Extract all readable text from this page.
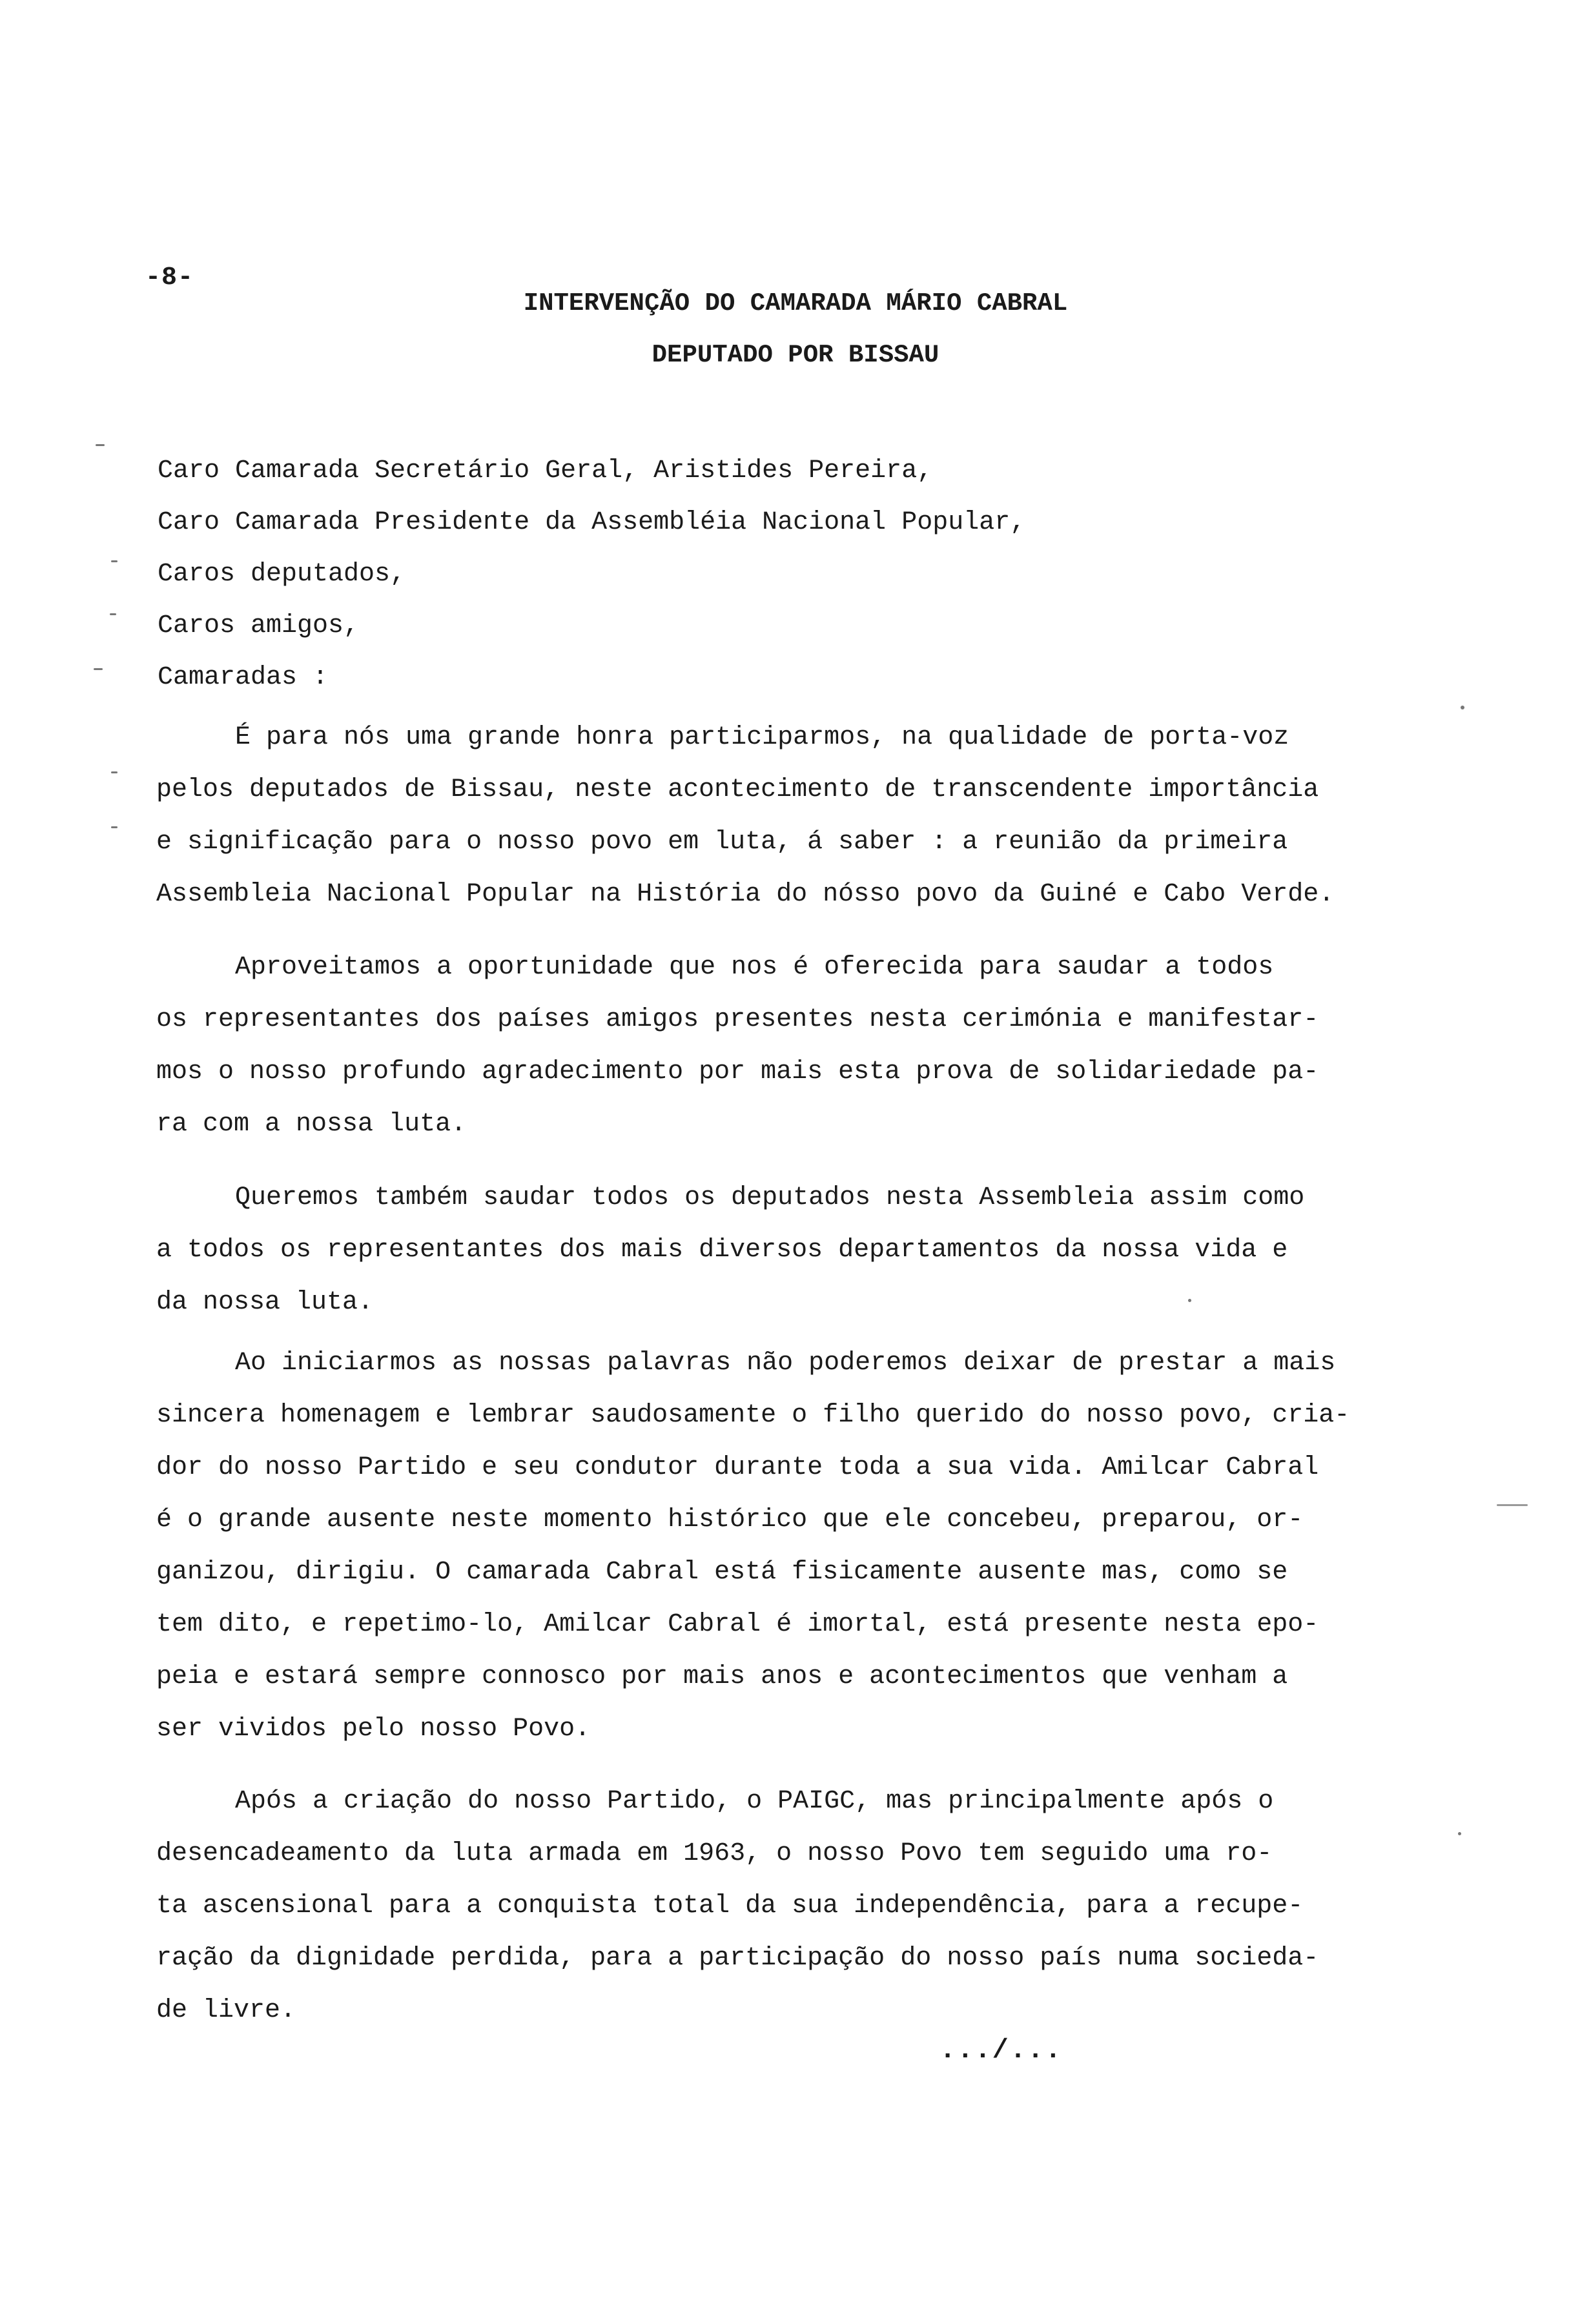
-8-
INTERVENÇÃO DO CAMARADA MÁRIO CABRAL
DEPUTADO POR BISSAU
Caro Camarada Secretário Geral, Aristides Pereira,
Caro Camarada Presidente da Assembléia Nacional Popular,
Caros deputados,
Caros amigos,
Camaradas :
É para nós uma grande honra participarmos, na qualidade de porta-voz
pelos deputados de Bissau, neste acontecimento de transcendente importância
e significação para o nosso povo em luta, á saber : a reunião da primeira
Assembleia Nacional Popular na História do nósso povo da Guiné e Cabo Verde.
Aproveitamos a oportunidade que nos é oferecida para saudar a todos
os representantes dos países amigos presentes nesta cerimónia e manifestar-
mos o nosso profundo agradecimento por mais esta prova de solidariedade pa-
ra com a nossa luta.
Queremos também saudar todos os deputados nesta Assembleia assim como
a todos os representantes dos mais diversos departamentos da nossa vida e
da nossa luta.
Ao iniciarmos as nossas palavras não poderemos deixar de prestar a mais
sincera homenagem e lembrar saudosamente o filho querido do nosso povo, cria-
dor do nosso Partido e seu condutor durante toda a sua vida. Amilcar Cabral
é o grande ausente neste momento histórico que ele concebeu, preparou, or-
ganizou, dirigiu. O camarada Cabral está fisicamente ausente mas, como se
tem dito, e repetimo-lo, Amilcar Cabral é imortal, está presente nesta epo-
peia e estará sempre connosco por mais anos e acontecimentos que venham a
ser vividos pelo nosso Povo.
Após a criação do nosso Partido, o PAIGC, mas principalmente após o
desencadeamento da luta armada em 1963, o nosso Povo tem seguido uma ro-
ta ascensional para a conquista total da sua independência, para a recupe-
ração da dignidade perdida, para a participação do nosso país numa socieda-
de livre.
.../...
